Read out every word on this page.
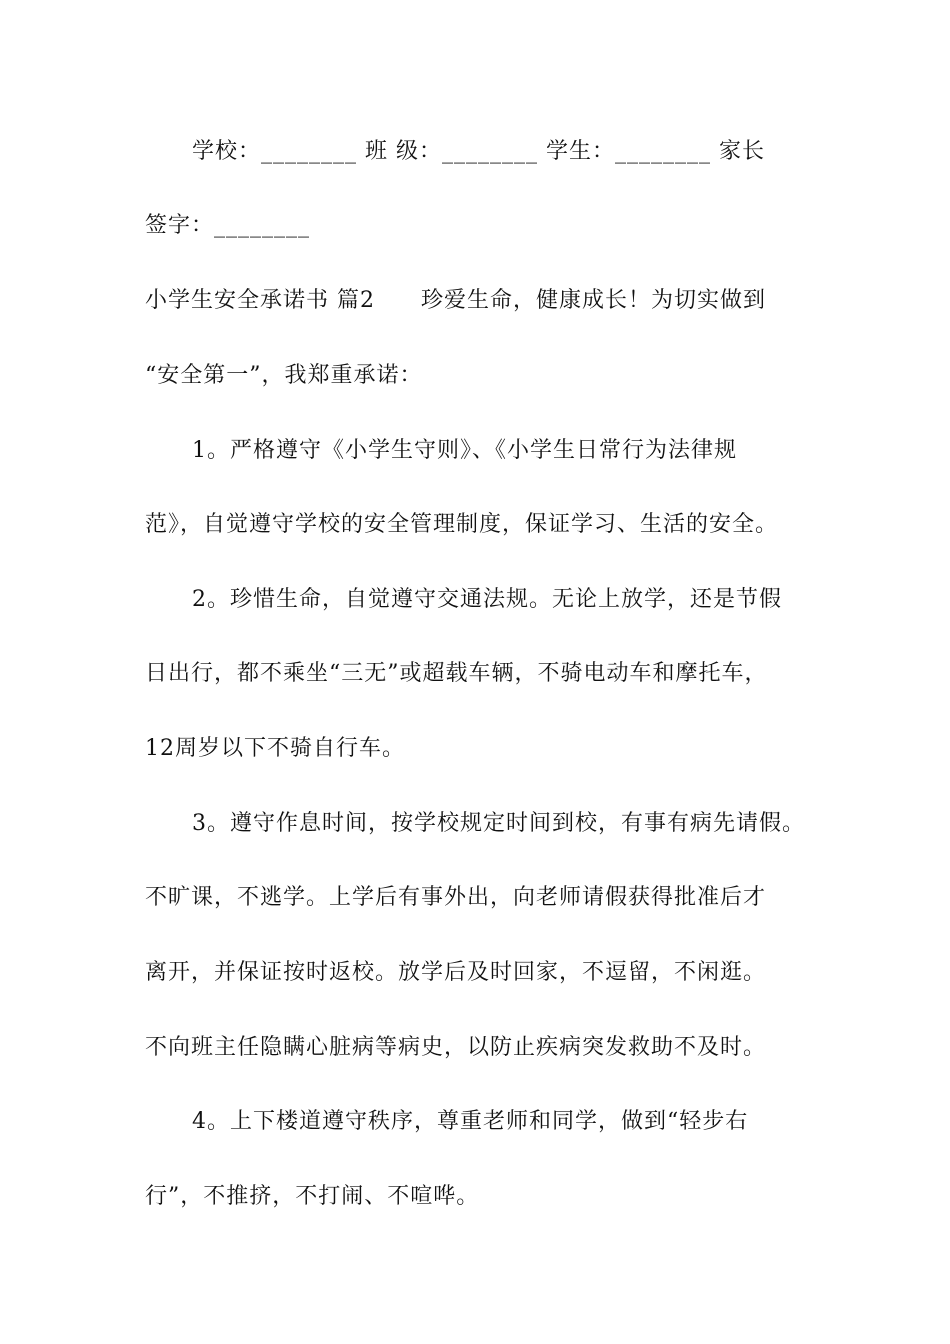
学校：________ 班 级：________ 学生：________ 家长
签字：________
小学生安全承诺书 篇2　　珍爱生命，健康成长！为切实做到
“安全第一”，我郑重承诺：
1。严格遵守《小学生守则》、《小学生日常行为法律规
范》，自觉遵守学校的安全管理制度，保证学习、生活的安全。
2。珍惜生命，自觉遵守交通法规。无论上放学，还是节假
日出行，都不乘坐“三无”或超载车辆，不骑电动车和摩托车，
12周岁以下不骑自行车。
3。遵守作息时间，按学校规定时间到校，有事有病先请假。
不旷课，不逃学。上学后有事外出，向老师请假获得批准后才
离开，并保证按时返校。放学后及时回家，不逗留，不闲逛。
不向班主任隐瞒心脏病等病史，以防止疾病突发救助不及时。
4。上下楼道遵守秩序，尊重老师和同学，做到“轻步右
行”，不推挤，不打闹、不喧哗。
